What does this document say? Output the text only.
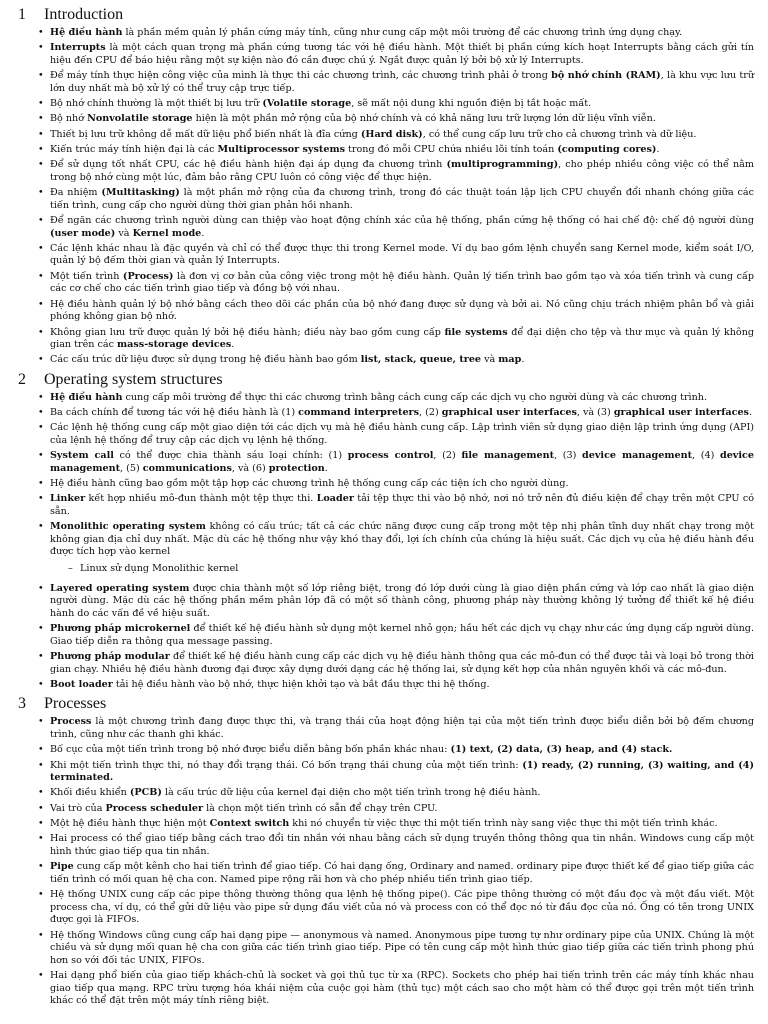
1 Introduction
• Hệ điều hành là phần mềm quản lý phần cứng máy tính, cũng như cung cấp một môi trường để các chương trình ứng dụng chạy.
• Interrupts là một cách quan trọng mà phần cứng tương tác với hệ điều hành. Một thiết bị phần cứng kích hoạt Interrupts bằng cách gửi tín hiệu đến CPU để báo hiệu rằng một sự kiện nào đó cần được chú ý. Ngắt được quản lý bởi bộ xử lý Interrupts.
• Để máy tính thực hiện công việc của mình là thực thi các chương trình, các chương trình phải ở trong bộ nhớ chính (RAM), là khu vực lưu trữ lớn duy nhất mà bộ xử lý có thể truy cập trực tiếp.
• Bộ nhớ chính thường là một thiết bị lưu trữ (Volatile storage, sẽ mất nội dung khi nguồn điện bị tắt hoặc mất.
• Bộ nhớ Nonvolatile storage hiện là một phần mở rộng của bộ nhớ chính và có khả năng lưu trữ lượng lớn dữ liệu vĩnh viễn.
• Thiết bị lưu trữ không dễ mất dữ liệu phổ biến nhất là đĩa cứng (Hard disk), có thể cung cấp lưu trữ cho cả chương trình và dữ liệu.
• Kiến trúc máy tính hiện đại là các Multiprocessor systems trong đó mỗi CPU chứa nhiều lõi tính toán (computing cores).
• Để sử dụng tốt nhất CPU, các hệ điều hành hiện đại áp dụng đa chương trình (multiprogramming), cho phép nhiều công việc có thể nằm trong bộ nhớ cùng một lúc, đảm bảo rằng CPU luôn có công việc để thực hiện.
• Đa nhiệm (Multitasking) là một phần mở rộng của đa chương trình, trong đó các thuật toán lập lịch CPU chuyển đổi nhanh chóng giữa các tiến trình, cung cấp cho người dùng thời gian phản hồi nhanh.
• Để ngăn các chương trình người dùng can thiệp vào hoạt động chính xác của hệ thống, phần cứng hệ thống có hai chế độ: chế độ người dùng (user mode) và Kernel mode.
• Các lệnh khác nhau là đặc quyền và chỉ có thể được thực thi trong Kernel mode. Ví dụ bao gồm lệnh chuyển sang Kernel mode, kiểm soát I/O, quản lý bộ đếm thời gian và quản lý Interrupts.
• Một tiến trình (Process) là đơn vị cơ bản của công việc trong một hệ điều hành. Quản lý tiến trình bao gồm tạo và xóa tiến trình và cung cấp các cơ chế cho các tiến trình giao tiếp và đồng bộ với nhau.
• Hệ điều hành quản lý bộ nhớ bằng cách theo dõi các phần của bộ nhớ đang được sử dụng và bởi ai. Nó cũng chịu trách nhiệm phân bổ và giải phóng không gian bộ nhớ.
• Không gian lưu trữ được quản lý bởi hệ điều hành; điều này bao gồm cung cấp file systems để đại diện cho tệp và thư mục và quản lý không gian trên các mass-storage devices.
• Các cấu trúc dữ liệu được sử dụng trong hệ điều hành bao gồm list, stack, queue, tree và map.
2 Operating system structures
• Hệ điều hành cung cấp môi trường để thực thi các chương trình bằng cách cung cấp các dịch vụ cho người dùng và các chương trình.
• Ba cách chính để tương tác với hệ điều hành là (1) command interpreters, (2) graphical user interfaces, và (3) graphical user interfaces.
• Các lệnh hệ thống cung cấp một giao diện tới các dịch vụ mà hệ điều hành cung cấp. Lập trình viên sử dụng giao diện lập trình ứng dụng (API) của lệnh hệ thống để truy cập các dịch vụ lệnh hệ thống.
• System call có thể được chia thành sáu loại chính: (1) process control, (2) file management, (3) device management, (4) device management, (5) communications, và (6) protection.
• Hệ điều hành cũng bao gồm một tập hợp các chương trình hệ thống cung cấp các tiện ích cho người dùng.
• Linker kết hợp nhiều mô-đun thành một tệp thực thi. Loader tải tệp thực thi vào bộ nhớ, nơi nó trở nên đủ điều kiện để chạy trên một CPU có sẵn.
• Monolithic operating system không có cấu trúc; tất cả các chức năng được cung cấp trong một tệp nhị phân tĩnh duy nhất chạy trong một không gian địa chỉ duy nhất. Mặc dù các hệ thống như vậy khó thay đổi, lợi ích chính của chúng là hiệu suất. Các dịch vụ của hệ điều hành đều được tích hợp vào kernel
– Linux sử dụng Monolithic kernel
• Layered operating system được chia thành một số lớp riêng biệt, trong đó lớp dưới cùng là giao diện phần cứng và lớp cao nhất là giao diện người dùng. Mặc dù các hệ thống phần mềm phân lớp đã có một số thành công, phương pháp này thường không lý tưởng để thiết kế hệ điều hành do các vấn đề về hiệu suất.
• Phương pháp microkernel để thiết kế hệ điều hành sử dụng một kernel nhỏ gọn; hầu hết các dịch vụ chạy như các ứng dụng cấp người dùng. Giao tiếp diễn ra thông qua message passing.
• Phương pháp modular để thiết kế hệ điều hành cung cấp các dịch vụ hệ điều hành thông qua các mô-đun có thể được tải và loại bỏ trong thời gian chạy. Nhiều hệ điều hành đương đại được xây dựng dưới dạng các hệ thống lai, sử dụng kết hợp của nhân nguyên khối và các mô-đun.
• Boot loader tải hệ điều hành vào bộ nhớ, thực hiện khởi tạo và bắt đầu thực thi hệ thống.
3 Processes
• Process là một chương trình đang được thực thi, và trạng thái của hoạt động hiện tại của một tiến trình được biểu diễn bởi bộ đếm chương trình, cũng như các thanh ghi khác.
• Bố cục của một tiến trình trong bộ nhớ được biểu diễn bằng bốn phần khác nhau: (1) text, (2) data, (3) heap, and (4) stack.
• Khi một tiến trình thực thi, nó thay đổi trạng thái. Có bốn trạng thái chung của một tiến trình: (1) ready, (2) running, (3) waiting, and (4) terminated.
• Khối điều khiển (PCB) là cấu trúc dữ liệu của kernel đại diện cho một tiến trình trong hệ điều hành.
• Vai trò của Process scheduler là chọn một tiến trình có sẵn để chạy trên CPU.
• Một hệ điều hành thực hiện một Context switch khi nó chuyển từ việc thực thi một tiến trình này sang việc thực thi một tiến trình khác.
• Hai process có thể giao tiếp bằng cách trao đổi tin nhắn với nhau bằng cách sử dụng truyền thông thông qua tin nhắn. Windows cung cấp một hình thức giao tiếp qua tin nhắn.
• Pipe cung cấp một kênh cho hai tiến trình để giao tiếp. Có hai dạng ống, Ordinary and named. ordinary pipe được thiết kế để giao tiếp giữa các tiến trình có mối quan hệ cha con. Named pipe rộng rãi hơn và cho phép nhiều tiến trình giao tiếp.
• Hệ thống UNIX cung cấp các pipe thông thường thông qua lệnh hệ thống pipe(). Các pipe thông thường có một đầu đọc và một đầu viết. Một process cha, ví dụ, có thể gửi dữ liệu vào pipe sử dụng đầu viết của nó và process con có thể đọc nó từ đầu đọc của nó. Ống có tên trong UNIX được gọi là FIFOs.
• Hệ thống Windows cũng cung cấp hai dạng pipe — anonymous và named. Anonymous pipe tương tự như ordinary pipe của UNIX. Chúng là một chiều và sử dụng mối quan hệ cha con giữa các tiến trình giao tiếp. Pipe có tên cung cấp một hình thức giao tiếp giữa các tiến trình phong phú hơn so với đối tác UNIX, FIFOs.
• Hai dạng phổ biến của giao tiếp khách-chủ là socket và gọi thủ tục từ xa (RPC). Sockets cho phép hai tiến trình trên các máy tính khác nhau giao tiếp qua mạng. RPC trừu tượng hóa khái niệm của cuộc gọi hàm (thủ tục) một cách sao cho một hàm có thể được gọi trên một tiến trình khác có thể đặt trên một máy tính riêng biệt.
